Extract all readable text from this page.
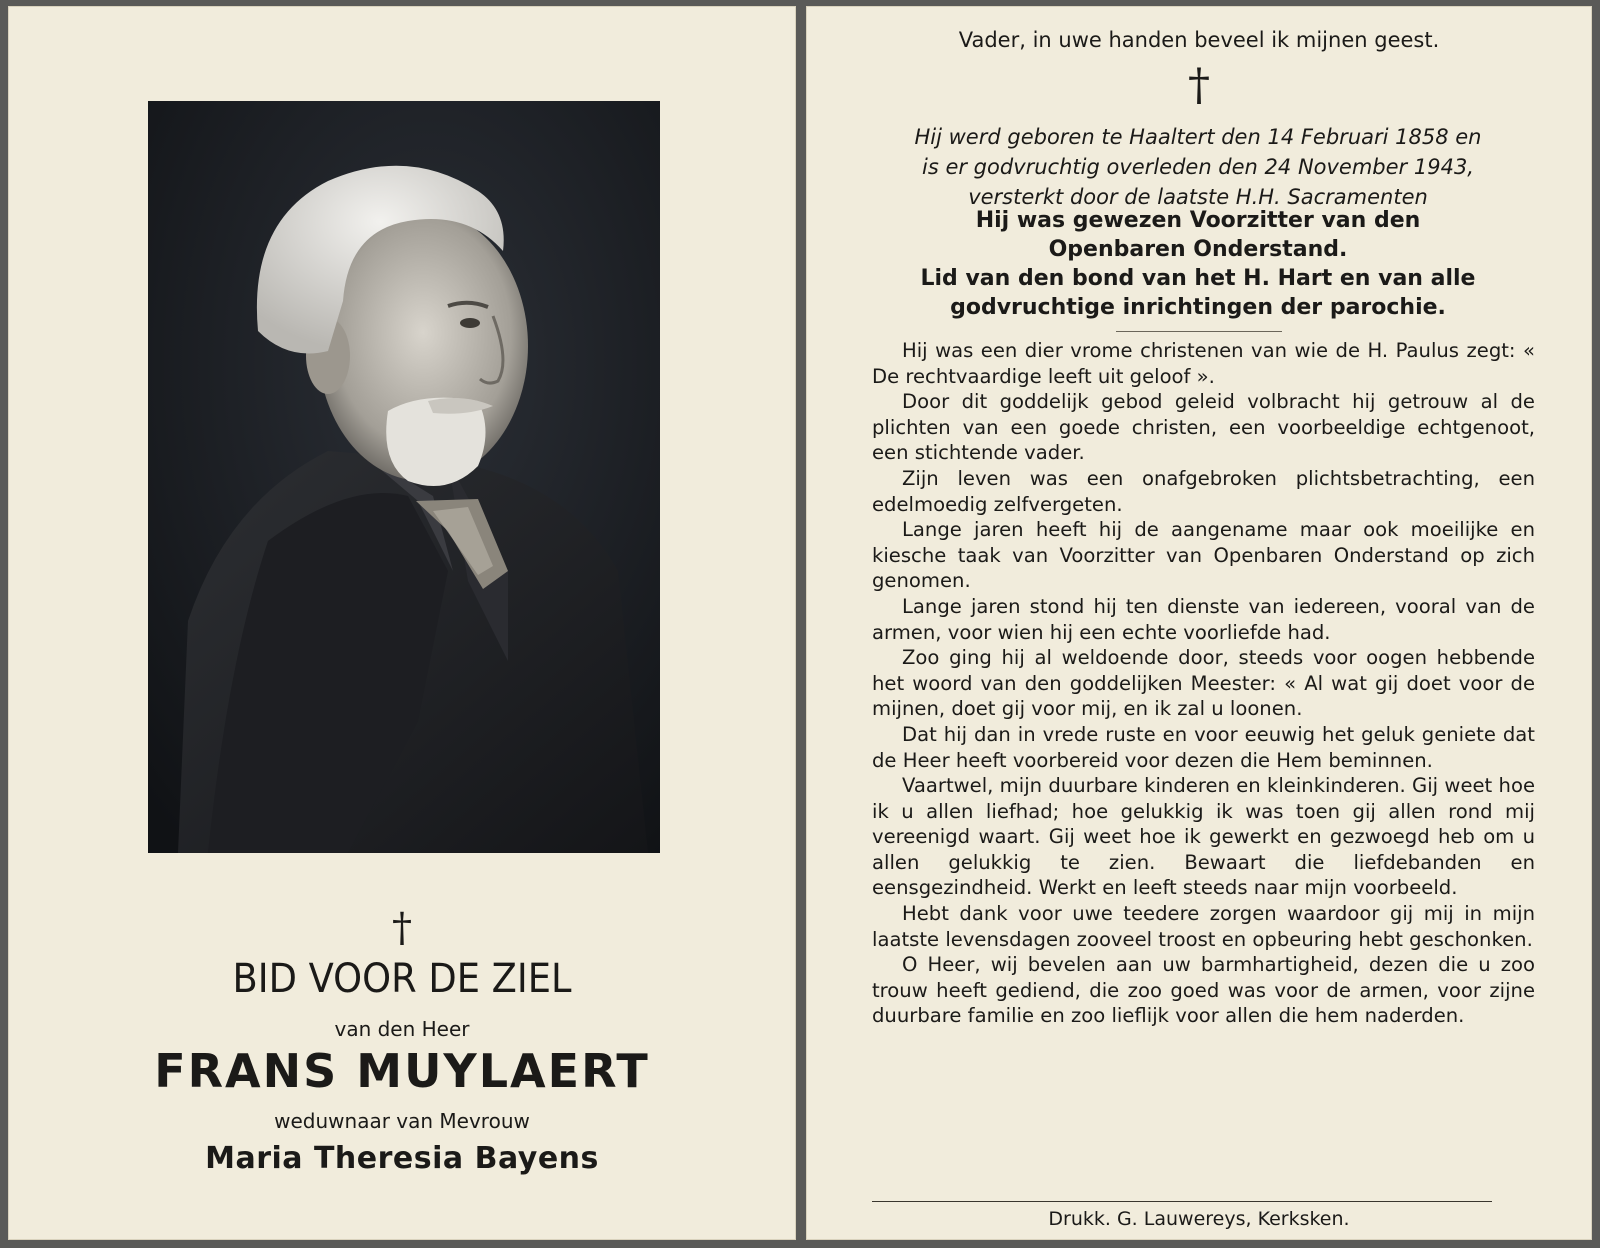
†
BID VOOR DE ZIEL
van den Heer
FRANS MUYLAERT
weduwnaar van Mevrouw
Maria Theresia Bayens
Vader, in uwe handen beveel ik mijnen geest.
†
Hij werd geboren te Haaltert den 14 Februari 1858 en
is er godvruchtig overleden den 24 November 1943,
versterkt door de laatste H.H. Sacramenten
Hij was gewezen Voorzitter van den
Openbaren Onderstand.
Lid van den bond van het H. Hart en van alle
godvruchtige inrichtingen der parochie.

Hij was een dier vrome christenen van wie de H. Paulus zegt: « De rechtvaardige leeft uit geloof ».

Door dit goddelijk gebod geleid volbracht hij getrouw al de plichten van een goede christen, een voorbeeldige echtgenoot, een stichtende vader.

Zijn leven was een onafgebroken plichtsbetrachting, een edelmoedig zelfvergeten.

Lange jaren heeft hij de aangename maar ook moeilijke en kiesche taak van Voorzitter van Openbaren Onderstand op zich genomen.

Lange jaren stond hij ten dienste van iedereen, vooral van de armen, voor wien hij een echte voorliefde had.

Zoo ging hij al weldoende door, steeds voor oogen hebbende het woord van den goddelijken Meester: « Al wat gij doet voor de mijnen, doet gij voor mij, en ik zal u loonen.

Dat hij dan in vrede ruste en voor eeuwig het geluk geniete dat de Heer heeft voorbereid voor dezen die Hem beminnen.

Vaartwel, mijn duurbare kinderen en kleinkinderen. Gij weet hoe ik u allen liefhad; hoe gelukkig ik was toen gij allen rond mij vereenigd waart. Gij weet hoe ik gewerkt en gezwoegd heb om u allen gelukkig te zien. Bewaart die liefdebanden en eensgezindheid. Werkt en leeft steeds naar mijn voorbeeld.

Hebt dank voor uwe teedere zorgen waardoor gij mij in mijn laatste levensdagen zooveel troost en opbeuring hebt geschonken.

O Heer, wij bevelen aan uw barmhartigheid, dezen die u zoo trouw heeft gediend, die zoo goed was voor de armen, voor zijne duurbare familie en zoo lieflijk voor allen die hem naderden.

Drukk. G. Lauwereys, Kerksken.
